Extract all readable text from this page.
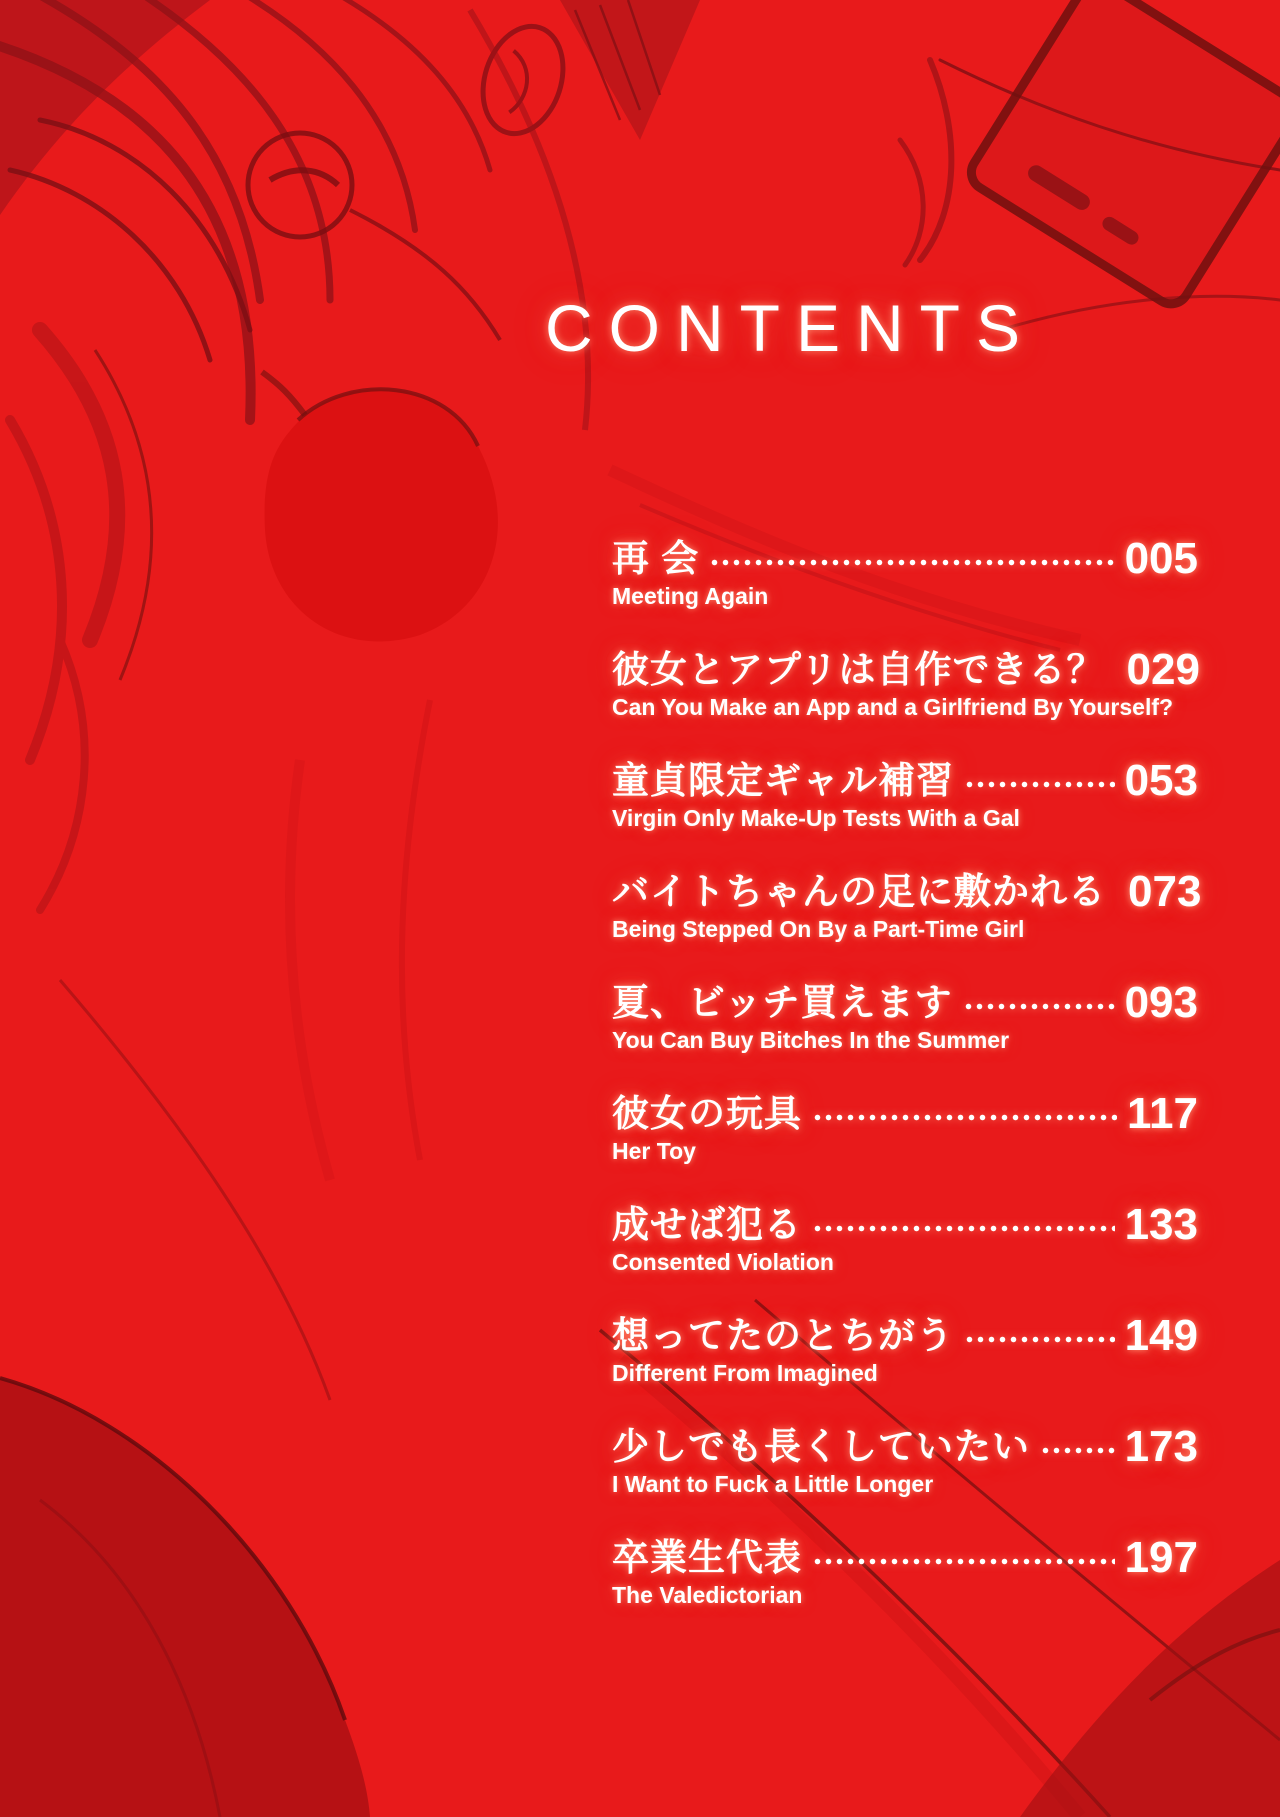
CONTENTS
再 会	005
Meeting Again
彼女とアプリは自作できる？ 029
Can You Make an App and a Girlfriend By Yourself?
童貞限定ギャル補習	053
Virgin Only Make-Up Tests With a Gal
バイトちゃんの足に敷かれる 073
Being Stepped On By a Part-Time Girl
夏、ビッチ買えます	093
You Can Buy Bitches In the Summer
彼女の玩具	117
Her Toy
成せば犯る	133
Consented Violation
想ってたのとちがう	149
Different From Imagined
少しでも長くしていたい 173
I Want to Fuck a Little Longer
卒業生代表	197
The Valedictorian
